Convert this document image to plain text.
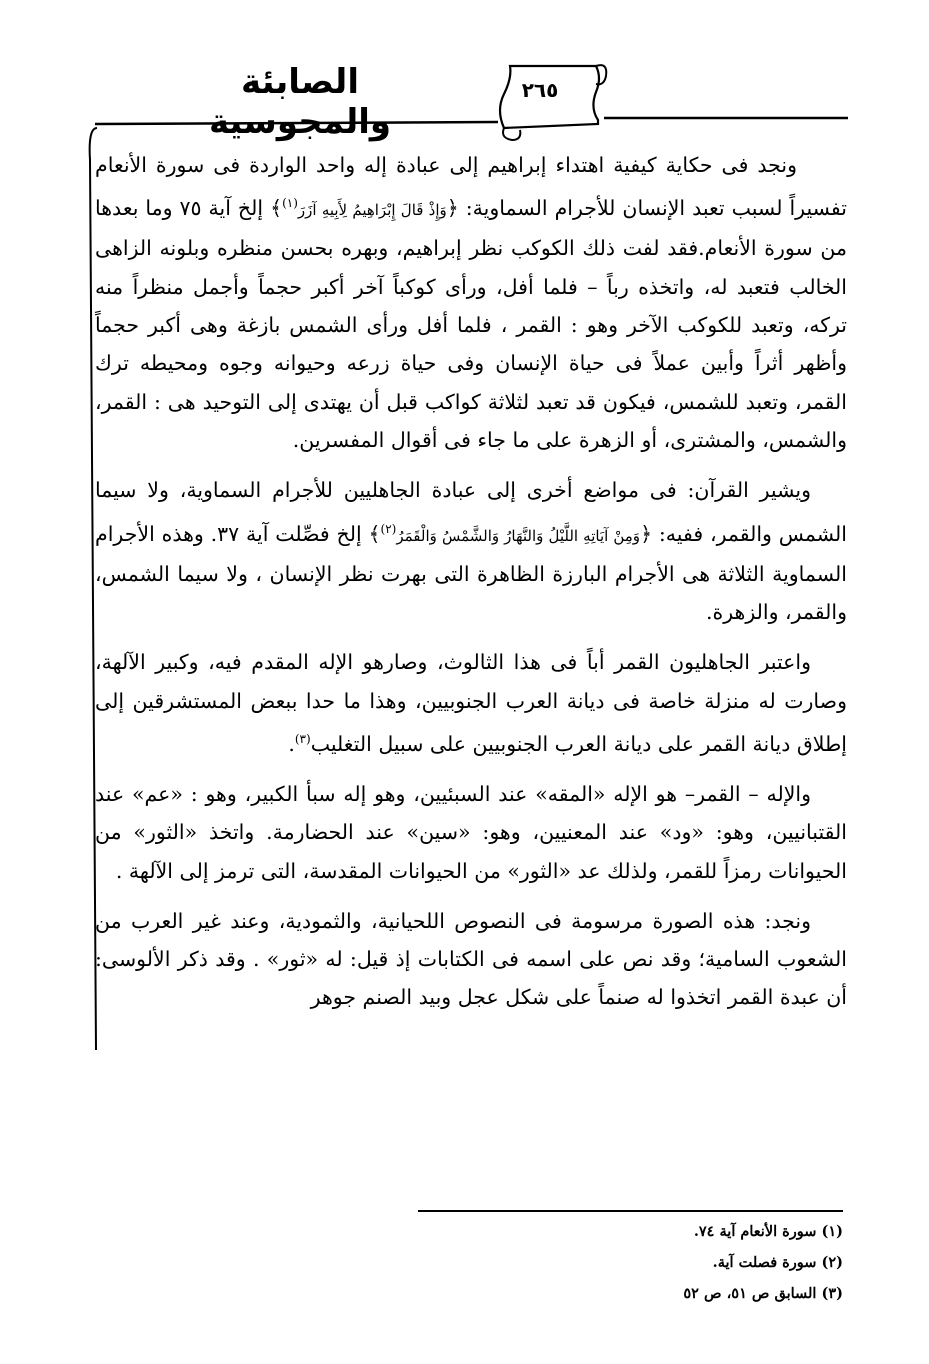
الصابئة والمجوسية
٢٦٥

ونجد فى حكاية كيفية اهتداء إبراهيم إلى عبادة إله واحد الواردة فى سورة الأنعام تفسيراً لسبب تعبد الإنسان للأجرام السماوية: ﴿وَإِذْ قَالَ إِبْرَاهِيمُ لِأَبِيهِ آزَرَ$^{(١)}$﴾ إلخ آية ٧٥ وما بعدها من سورة الأنعام.فقد لفت ذلك الكوكب نظر إبراهيم، وبهره بحسن منظره وبلونه الزاهى الخالب فتعبد له، واتخذه رباً – فلما أفل، ورأى كوكباً آخر أكبر حجماً وأجمل منظراً منه تركه، وتعبد للكوكب الآخر وهو : القمر ، فلما أفل ورأى الشمس بازغة وهى أكبر حجماً وأظهر أثراً وأبين عملاً فى حياة الإنسان وفى حياة زرعه وحيوانه وجوه ومحيطه ترك القمر، وتعبد للشمس، فيكون قد تعبد لثلاثة كواكب قبل أن يهتدى إلى التوحيد هى : القمر، والشمس، والمشترى، أو الزهرة على ما جاء فى أقوال المفسرين.

ويشير القرآن: فى مواضع أخرى إلى عبادة الجاهليين للأجرام السماوية، ولا سيما الشمس والقمر، ففيه: ﴿وَمِنْ آيَاتِهِ اللَّيْلُ وَالنَّهَارُ وَالشَّمْسُ وَالْقَمَرُ$^{(٢)}$﴾ إلخ فصِّلت آية ٣٧. وهذه الأجرام السماوية الثلاثة هى الأجرام البارزة الظاهرة التى بهرت نظر الإنسان ، ولا سيما الشمس، والقمر، والزهرة.

واعتبر الجاهليون القمر أباً فى هذا الثالوث، وصارهو الإله المقدم فيه، وكبير الآلهة، وصارت له منزلة خاصة فى ديانة العرب الجنوبيين، وهذا ما حدا ببعض المستشرقين إلى إطلاق ديانة القمر على ديانة العرب الجنوبيين على سبيل التغليب$^{(٣)}$.

والإله – القمر– هو الإله «المقه» عند السبئيين، وهو إله سبأ الكبير، وهو : «عم» عند القتبانيين، وهو: «ود» عند المعنيين، وهو: «سين» عند الحضارمة. واتخذ «الثور» من الحيوانات رمزاً للقمر، ولذلك عد «الثور» من الحيوانات المقدسة، التى ترمز إلى الآلهة .

ونجد: هذه الصورة مرسومة فى النصوص اللحيانية، والثمودية، وعند غير العرب من الشعوب السامية؛ وقد نص على اسمه فى الكتابات إذ قيل: له «ثور» . وقد ذكر الألوسى: أن عبدة القمر اتخذوا له صنماً على شكل عجل وبيد الصنم جوهر

(١) سورة الأنعام آية ٧٤.
(٢) سورة فصلت آية.
(٣) السابق ص ٥١، ص ٥٢
